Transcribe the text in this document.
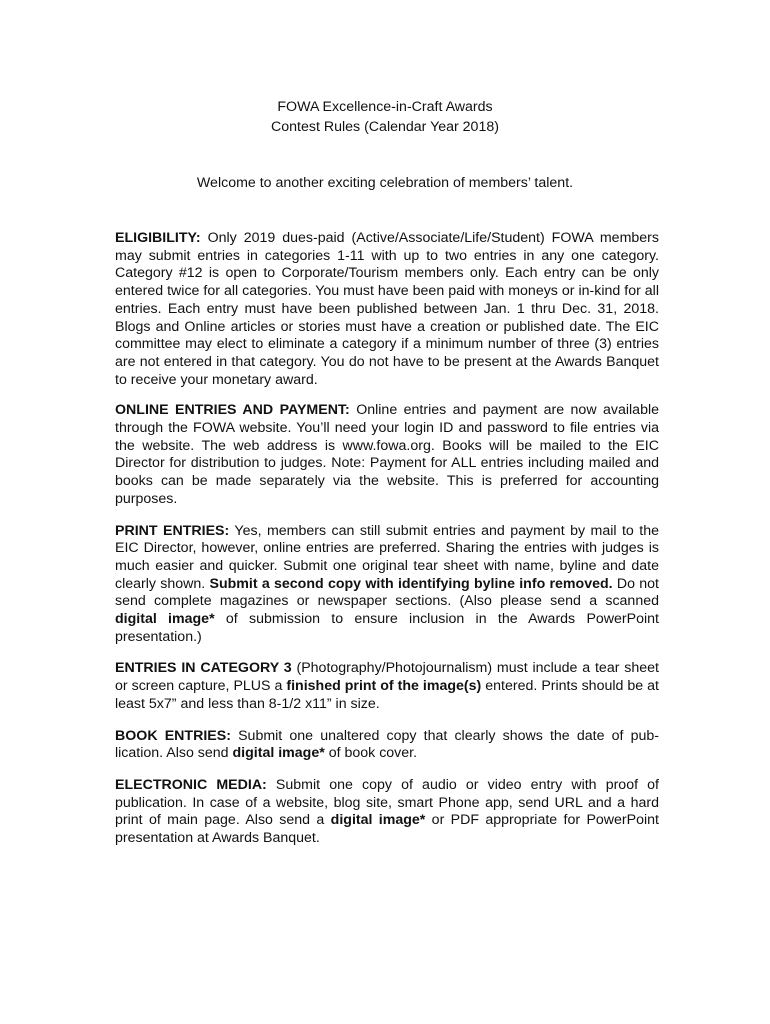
FOWA Excellence-in-Craft Awards
Contest Rules (Calendar Year 2018)
Welcome to another exciting celebration of members’ talent.

ELIGIBILITY: Only 2019 dues-paid (Active/Associate/Life/Student) FOWA members may submit entries in categories 1-11 with up to two entries in any one category. Category #12 is open to Corporate/Tourism members only. Each entry can be only entered twice for all categories. You must have been paid with moneys or in-kind for all entries. Each entry must have been published between Jan. 1 thru Dec. 31, 2018. Blogs and Online articles or stories must have a creation or published date. The EIC committee may elect to eliminate a category if a minimum number of three (3) entries are not entered in that category. You do not have to be present at the Awards Banquet to receive your monetary award.

ONLINE ENTRIES AND PAYMENT: Online entries and payment are now available through the FOWA website. You’ll need your login ID and password to file entries via the website. The web address is www.fowa.org. Books will be mailed to the EIC Director for distribution to judges. Note: Payment for ALL entries including mailed and books can be made separately via the website. This is preferred for accounting purposes.

PRINT ENTRIES: Yes, members can still submit entries and payment by mail to the EIC Director, however, online entries are preferred. Sharing the entries with judges is much easier and quicker. Submit one original tear sheet with name, byline and date clearly shown. Submit a second copy with identifying byline info removed. Do not send complete magazines or newspaper sections. (Also please send a scanned digital image* of submission to ensure inclusion in the Awards PowerPoint presentation.)

ENTRIES IN CATEGORY 3 (Photography/Photojournalism) must include a tear sheet or screen capture, PLUS a finished print of the image(s) entered. Prints should be at least 5x7” and less than 8-1/2 x11” in size.

BOOK ENTRIES: Submit one unaltered copy that clearly shows the date of publication. Also send digital image* of book cover.

ELECTRONIC MEDIA: Submit one copy of audio or video entry with proof of publication. In case of a website, blog site, smart Phone app, send URL and a hard print of main page. Also send a digital image* or PDF appropriate for PowerPoint presentation at Awards Banquet.
